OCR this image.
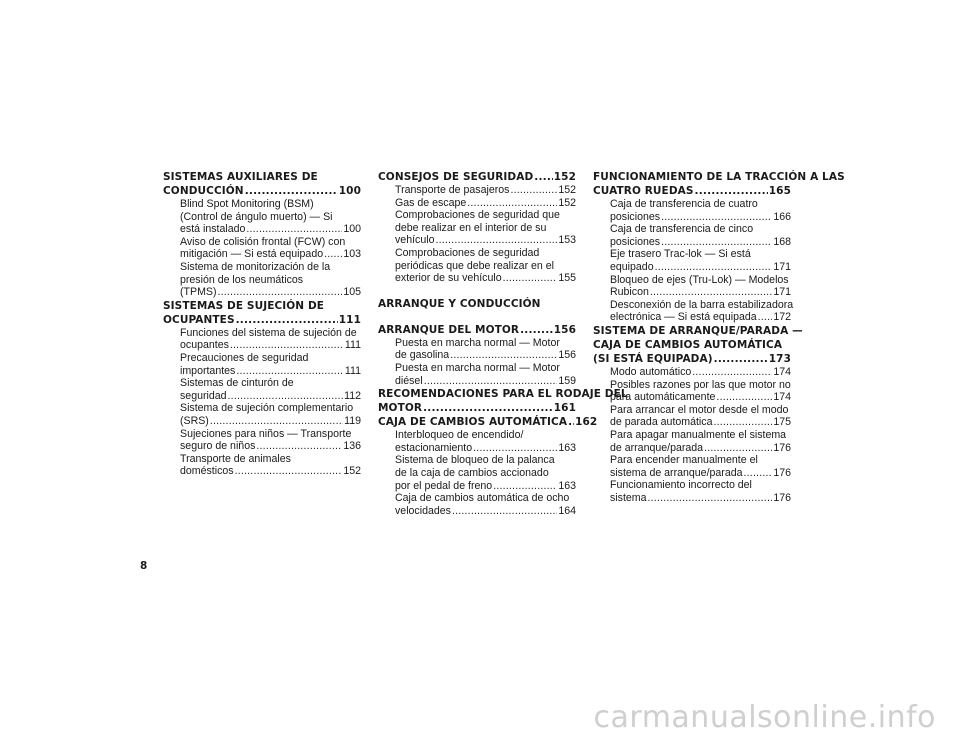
SISTEMAS AUXILIARES DE
CONDUCCIÓN .....	100
Blind Spot Monitoring (BSM)
(Control de ángulo muerto) — Si
está instalado .....	100
Aviso de colisión frontal (FCW) con
mitigación — Si está equipado ..... 103
Sistema de monitorización de la
presión de los neumáticos
(TPMS) .....	105
SISTEMAS DE SUJECIÓN DE
OCUPANTES .....	111
Funciones del sistema de sujeción de
ocupantes .....	111
Precauciones de seguridad
importantes .....	111
Sistemas de cinturón de
seguridad .....	112
Sistema de sujeción complementario
(SRS) .....	119
Sujeciones para niños — Transporte
seguro de niños .....	136
Transporte de animales
domésticos .....	152
CONSEJOS DE SEGURIDAD ..... 152
Transporte de pasajeros .....	152
Gas de escape .....	152
Comprobaciones de seguridad que
debe realizar en el interior de su
vehículo .....	153
Comprobaciones de seguridad
periódicas que debe realizar en el
exterior de su vehículo .....	155
ARRANQUE Y CONDUCCIÓN
ARRANQUE DEL MOTOR .....	156
Puesta en marcha normal — Motor
de gasolina .....	156
Puesta en marcha normal — Motor
diésel .....	159
RECOMENDACIONES PARA EL RODAJE DEL
MOTOR .....	161
CAJA DE CAMBIOS AUTOMÁTICA ..... 162
Interbloqueo de encendido/
estacionamiento .....	163
Sistema de bloqueo de la palanca
de la caja de cambios accionado
por el pedal de freno .....	163
Caja de cambios automática de ocho
velocidades .....	164
FUNCIONAMIENTO DE LA TRACCIÓN A LAS
CUATRO RUEDAS .....	165
Caja de transferencia de cuatro
posiciones .....	166
Caja de transferencia de cinco
posiciones .....	168
Eje trasero Trac-lok — Si está
equipado .....	171
Bloqueo de ejes (Tru-Lok) — Modelos
Rubicon .....	171
Desconexión de la barra estabilizadora
electrónica — Si está equipada ..... 172
SISTEMA DE ARRANQUE/PARADA —
CAJA DE CAMBIOS AUTOMÁTICA
(SI ESTÁ EQUIPADA) .....	173
Modo automático .....	174
Posibles razones por las que motor no
para automáticamente .....	174
Para arrancar el motor desde el modo
de parada automática .....	175
Para apagar manualmente el sistema
de arranque/parada .....	176
Para encender manualmente el
sistema de arranque/parada .....	176
Funcionamiento incorrecto del
sistema .....	176
8
carmanualsonline.info
